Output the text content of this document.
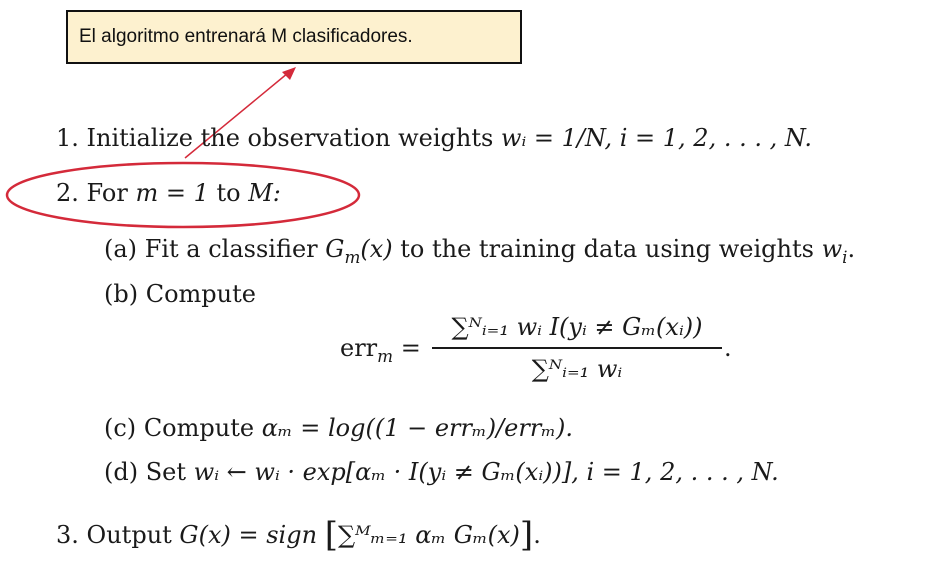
El algoritmo entrenará M clasificadores.
1. Initialize the observation weights wᵢ = 1/N, i = 1, 2, . . . , N.
2. For m = 1 to M:
(a) Fit a classifier $G_m(x)$ to the training data using weights $w_i$.
(b) Compute
err$_m$ =
∑ᴺᵢ₌₁ wᵢ I(yᵢ ≠ Gₘ(xᵢ))
∑ᴺᵢ₌₁ wᵢ
.
(c) Compute αₘ = log((1 − errₘ)/errₘ).
(d) Set wᵢ ← wᵢ · exp[αₘ · I(yᵢ ≠ Gₘ(xᵢ))], i = 1, 2, . . . , N.
3. Output G(x) = sign [∑ᴹₘ₌₁ αₘ Gₘ(x)].
